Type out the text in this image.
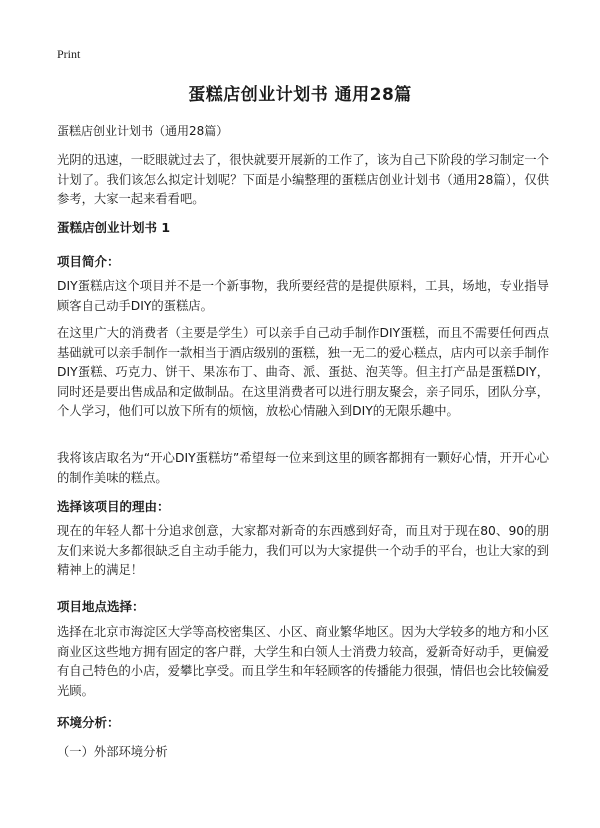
Print
蛋糕店创业计划书 通用28篇
蛋糕店创业计划书（通用28篇）

光阴的迅速，一眨眼就过去了，很快就要开展新的工作了，该为自己下阶段的学习制定一个计划了。我们该怎么拟定计划呢？下面是小编整理的蛋糕店创业计划书（通用28篇），仅供参考，大家一起来看看吧。

蛋糕店创业计划书 1
项目简介：

DIY蛋糕店这个项目并不是一个新事物，我所要经营的是提供原料，工具，场地，专业指导顾客自己动手DIY的蛋糕店。

在这里广大的消费者（主要是学生）可以亲手自己动手制作DIY蛋糕，而且不需要任何西点基础就可以亲手制作一款相当于酒店级别的蛋糕，独一无二的爱心糕点，店内可以亲手制作DIY蛋糕、巧克力、饼干、果冻布丁、曲奇、派、蛋挞、泡芙等。但主打产品是蛋糕DIY，同时还是要出售成品和定做制品。在这里消费者可以进行朋友聚会，亲子同乐，团队分享，个人学习，他们可以放下所有的烦恼，放松心情融入到DIY的无限乐趣中。

我将该店取名为“开心DIY蛋糕坊”希望每一位来到这里的顾客都拥有一颗好心情，开开心心的制作美味的糕点。

选择该项目的理由：

现在的年轻人都十分追求创意，大家都对新奇的东西感到好奇，而且对于现在80、90的朋友们来说大多都很缺乏自主动手能力，我们可以为大家提供一个动手的平台，也让大家的到精神上的满足！

项目地点选择：

选择在北京市海淀区大学等高校密集区、小区、商业繁华地区。因为大学较多的地方和小区商业区这些地方拥有固定的客户群，大学生和白领人士消费力较高，爱新奇好动手，更偏爱有自己特色的小店，爱攀比享受。而且学生和年轻顾客的传播能力很强，情侣也会比较偏爱光顾。

环境分析：
（一）外部环境分析
